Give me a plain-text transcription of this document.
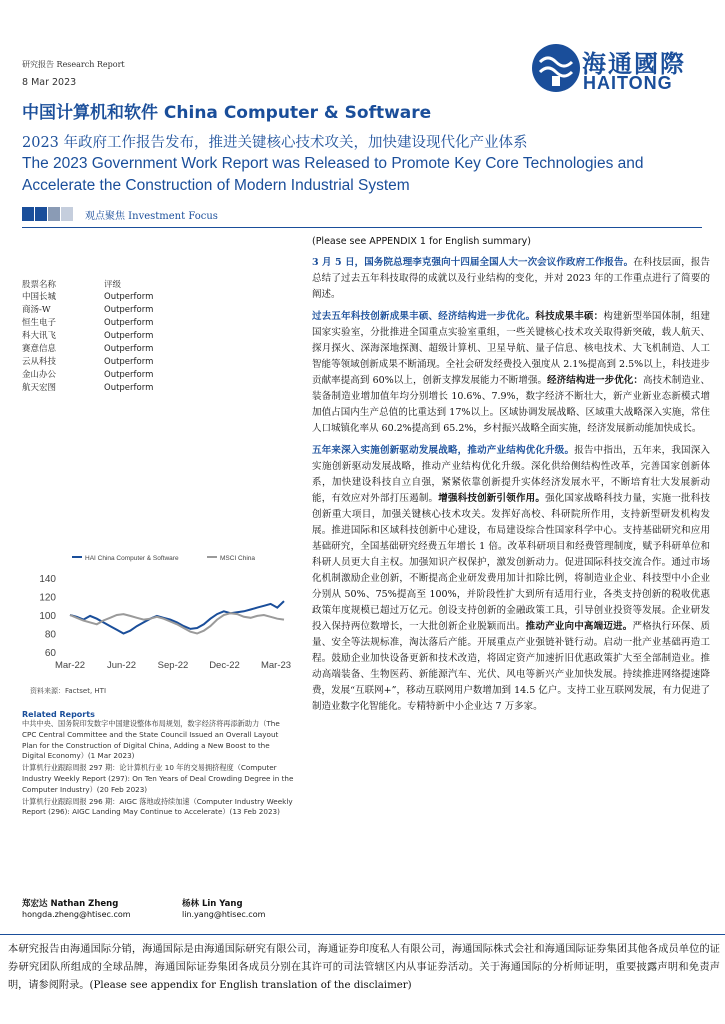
研究报告 Research Report
8 Mar 2023
海通國際
HAITONG
中国计算机和软件 China Computer & Software
2023 年政府工作报告发布，推进关键核心技术攻关，加快建设现代化产业体系
The 2023 Government Work Report was Released to Promote Key Core Technologies and Accelerate the Construction of Modern Industrial System
观点聚焦 Investment Focus
股票名称	评级
中国长城	Outperform
商汤-W	Outperform
恒生电子	Outperform
科大讯飞	Outperform
赛意信息	Outperform
云从科技	Outperform
金山办公	Outperform
航天宏图	Outperform
HAI China Computer & Software	MSCI China
60
80
100
120
140
Mar-22 Jun-22 Sep-22 Dec-22 Mar-23
资料来源：Factset, HTI
Related Reports
中共中央、国务院印发数字中国建设整体布局规划，数字经济将再添新助力（The CPC Central Committee and the State Council Issued an Overall Layout Plan for the Construction of Digital China, Adding a New Boost to the Digital Economy）(1 Mar 2023)
计算机行业跟踪周报 297 期：论计算机行业 10 年的交易拥挤程度（Computer Industry Weekly Report (297): On Ten Years of Deal Crowding Degree in the Computer Industry）(20 Feb 2023)
计算机行业跟踪周报 296 期：AIGC 落地或持续加速（Computer Industry Weekly Report (296): AIGC Landing May Continue to Accelerate）(13 Feb 2023)
(Please see APPENDIX 1 for English summary)

3 月 5 日，国务院总理李克强向十四届全国人大一次会议作政府工作报告。在科技层面，报告总结了过去五年科技取得的成就以及行业结构的变化，并对 2023 年的工作重点进行了简要的阐述。

过去五年科技创新成果丰硕、经济结构进一步优化。科技成果丰硕：构建新型举国体制，组建国家实验室，分批推进全国重点实验室重组，一些关键核心技术攻关取得新突破，载人航天、探月探火、深海深地探测、超级计算机、卫星导航、量子信息、核电技术、大飞机制造、人工智能等领域创新成果不断涌现。全社会研发经费投入强度从 2.1%提高到 2.5%以上，科技进步贡献率提高到 60%以上，创新支撑发展能力不断增强。经济结构进一步优化：高技术制造业、装备制造业增加值年均分别增长 10.6%、7.9%，数字经济不断壮大，新产业新业态新模式增加值占国内生产总值的比重达到 17%以上。区域协调发展战略、区域重大战略深入实施，常住人口城镇化率从 60.2%提高到 65.2%，乡村振兴战略全面实施，经济发展新动能加快成长。

五年来深入实施创新驱动发展战略，推动产业结构优化升级。报告中指出，五年来，我国深入实施创新驱动发展战略，推动产业结构优化升级。深化供给侧结构性改革，完善国家创新体系，加快建设科技自立自强，紧紧依靠创新提升实体经济发展水平，不断培育壮大发展新动能，有效应对外部打压遏制。增强科技创新引领作用。强化国家战略科技力量，实施一批科技创新重大项目，加强关键核心技术攻关。发挥好高校、科研院所作用，支持新型研发机构发展。推进国际和区域科技创新中心建设，布局建设综合性国家科学中心。支持基础研究和应用基础研究，全国基础研究经费五年增长 1 倍。改革科研项目和经费管理制度，赋予科研单位和科研人员更大自主权。加强知识产权保护，激发创新动力。促进国际科技交流合作。通过市场化机制激励企业创新，不断提高企业研发费用加计扣除比例，将制造业企业、科技型中小企业分别从 50%、75%提高至 100%，并阶段性扩大到所有适用行业，各类支持创新的税收优惠政策年度规模已超过万亿元。创设支持创新的金融政策工具，引导创业投资等发展。企业研发投入保持两位数增长，一大批创新企业脱颖而出。推动产业向中高端迈进。严格执行环保、质量、安全等法规标准，淘汰落后产能。开展重点产业强链补链行动。启动一批产业基础再造工程。鼓励企业加快设备更新和技术改造，将固定资产加速折旧优惠政策扩大至全部制造业。推动高端装备、生物医药、新能源汽车、光伏、风电等新兴产业加快发展。持续推进网络提速降费，发展“互联网+”，移动互联网用户数增加到 14.5 亿户。支持工业互联网发展，有力促进了制造业数字化智能化。专精特新中小企业达 7 万多家。

郑宏达 Nathan Zheng
hongda.zheng@htisec.com
杨林 Lin Yang
lin.yang@htisec.com
本研究报告由海通国际分销，海通国际是由海通国际研究有限公司，海通证券印度私人有限公司，海通国际株式会社和海通国际证券集团其他各成员单位的证券研究团队所组成的全球品牌，海通国际证券集团各成员分别在其许可的司法管辖区内从事证券活动。关于海通国际的分析师证明，重要披露声明和免责声明，请参阅附录。(Please see appendix for English translation of the disclaimer)
